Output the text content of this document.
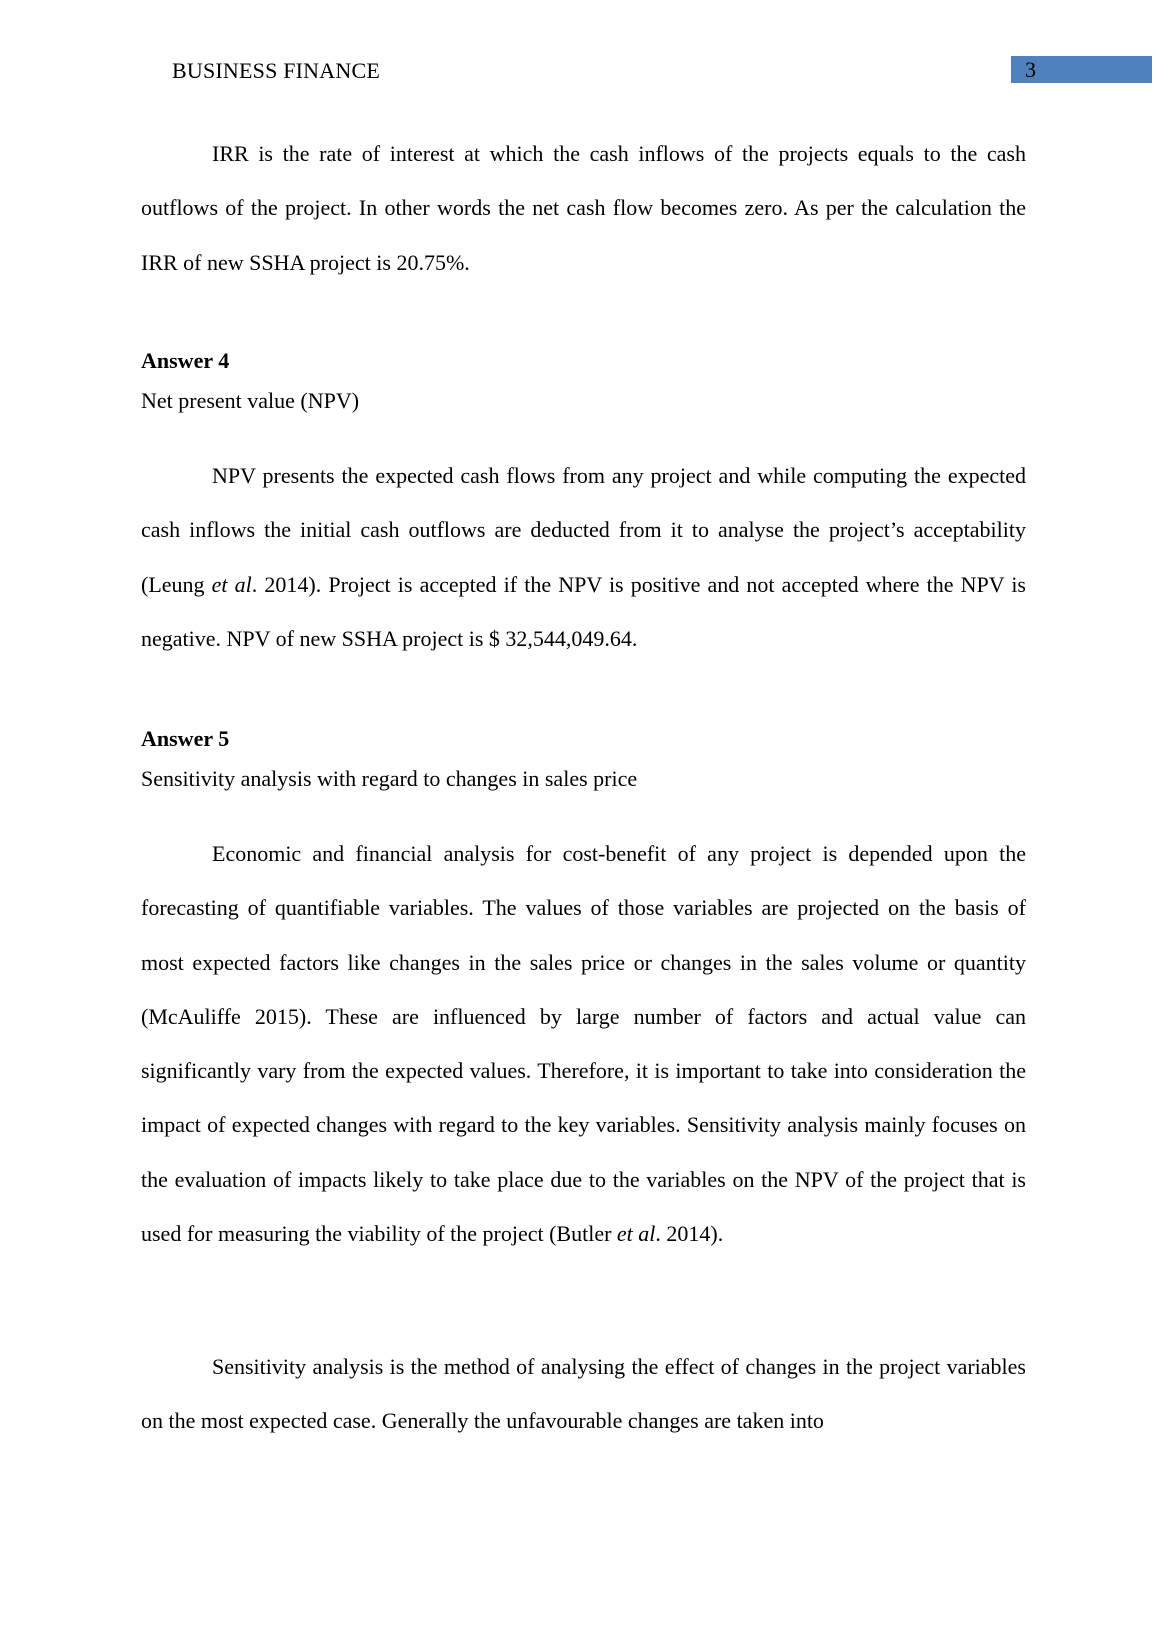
BUSINESS FINANCE	3

IRR is the rate of interest at which the cash inflows of the projects equals to the cash outflows of the project. In other words the net cash flow becomes zero. As per the calculation the IRR of new SSHA project is 20.75%.

Answer 4

Net present value (NPV)

NPV presents the expected cash flows from any project and while computing the expected cash inflows the initial cash outflows are deducted from it to analyse the project’s acceptability (Leung et al. 2014). Project is accepted if the NPV is positive and not accepted where the NPV is negative. NPV of new SSHA project is $ 32,544,049.64.

Answer 5

Sensitivity analysis with regard to changes in sales price

Economic and financial analysis for cost-benefit of any project is depended upon the forecasting of quantifiable variables. The values of those variables are projected on the basis of most expected factors like changes in the sales price or changes in the sales volume or quantity (McAuliffe 2015). These are influenced by large number of factors and actual value can significantly vary from the expected values. Therefore, it is important to take into consideration the impact of expected changes with regard to the key variables. Sensitivity analysis mainly focuses on the evaluation of impacts likely to take place due to the variables on the NPV of the project that is used for measuring the viability of the project (Butler et al. 2014).

Sensitivity analysis is the method of analysing the effect of changes in the project variables on the most expected case. Generally the unfavourable changes are taken into
